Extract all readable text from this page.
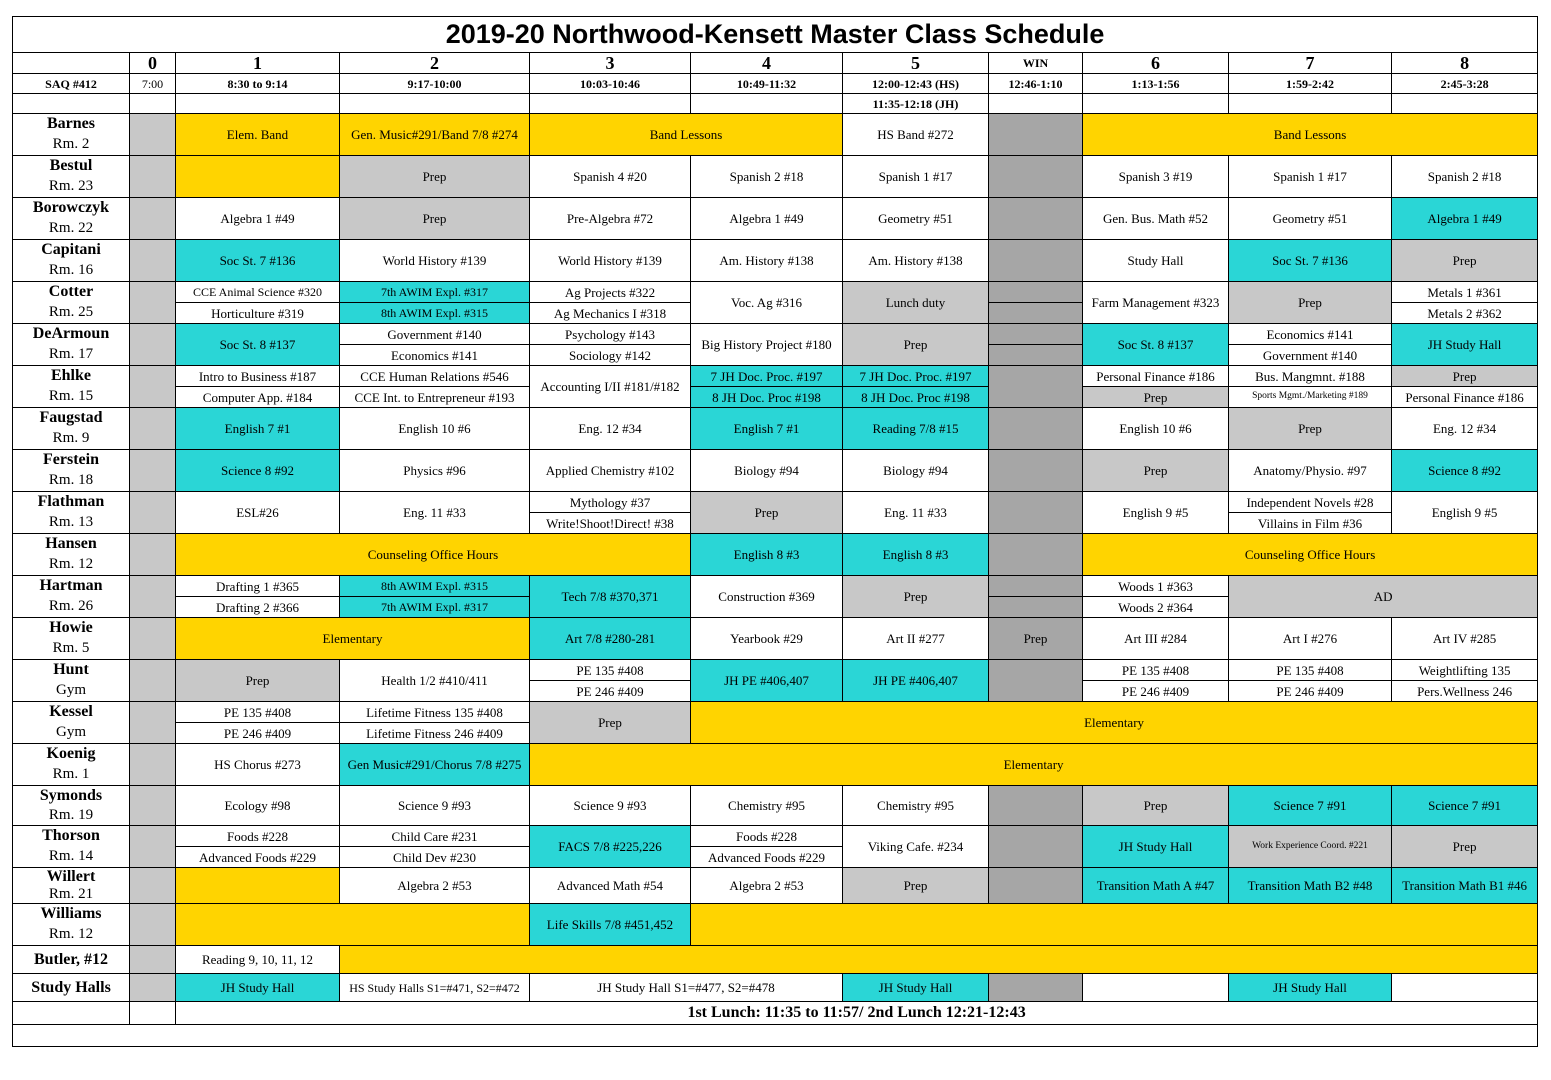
2019-20 Northwood-Kensett Master Class Schedule										
	0	1	2	3	4	5	WIN	6	7	8
SAQ #412	7:00	8:30 to 9:14	9:17-10:00	10:03-10:46	10:49-11:32	12:00-12:43 (HS)	12:46-1:10	1:13-1:56	1:59-2:42	2:45-3:28
						11:35-12:18 (JH)				
Barnes		Elem. Band	Gen. Music#291/Band 7/8 #274	Band Lessons		HS Band #272		Band Lessons		
Rm. 2										
Bestul			Prep	Spanish 4 #20	Spanish 2 #18	Spanish 1 #17		Spanish 3 #19	Spanish 1 #17	Spanish 2 #18
Rm. 23										
Borowczyk		Algebra 1 #49	Prep	Pre-Algebra #72	Algebra 1 #49	Geometry #51		Gen. Bus. Math #52	Geometry #51	Algebra 1 #49
Rm. 22										
Capitani		Soc St. 7 #136	World History #139	World History #139	Am. History #138	Am. History #138		Study Hall	Soc St. 7 #136	Prep
Rm. 16										
Cotter		CCE Animal Science #320	7th AWIM Expl. #317	Ag Projects #322	Voc. Ag #316	Lunch duty		Farm Management #323	Prep	Metals 1 #361
Rm. 25		Horticulture #319	8th AWIM Expl. #315	Ag Mechanics I #318						Metals 2 #362
DeArmoun		Soc St. 8 #137	Government #140	Psychology #143	Big History Project #180	Prep		Soc St. 8 #137	Economics #141	JH Study Hall
Rm. 17			Economics #141	Sociology #142					Government #140	
Ehlke		Intro to Business #187	CCE Human Relations #546	Accounting I/II #181/#182	7 JH Doc. Proc. #197	7 JH Doc. Proc. #197		Personal Finance #186	Bus. Mangmnt. #188	Prep
Rm. 15		Computer App. #184	CCE Int. to Entrepreneur #193		8 JH Doc. Proc #198	8 JH Doc. Proc #198		Prep	Sports Mgmt./Marketing #189	Personal Finance #186
Faugstad		English 7 #1	English 10 #6	Eng. 12 #34	English 7 #1	Reading 7/8 #15		English 10 #6	Prep	Eng. 12 #34
Rm. 9										
Ferstein		Science 8 #92	Physics #96	Applied Chemistry #102	Biology #94	Biology #94		Prep	Anatomy/Physio. #97	Science 8 #92
Rm. 18										
Flathman		ESL#26	Eng. 11 #33	Mythology #37	Prep	Eng. 11 #33		English 9 #5	Independent Novels #28	English 9 #5
Rm. 13				Write!Shoot!Direct! #38					Villains in Film #36	
Hansen		Counseling Office Hours			English 8 #3	English 8 #3		Counseling Office Hours		
Rm. 12										
Hartman		Drafting 1 #365	8th AWIM Expl. #315	Tech 7/8 #370,371	Construction #369	Prep		Woods 1 #363	AD	
Rm. 26		Drafting 2 #366	7th AWIM Expl. #317					Woods 2 #364		
Howie		Elementary		Art 7/8 #280-281	Yearbook #29	Art II #277	Prep	Art III #284	Art I #276	Art IV #285
Rm. 5										
Hunt		Prep	Health 1/2 #410/411	PE 135 #408	JH PE #406,407	JH PE #406,407		PE 135 #408	PE 135 #408	Weightlifting 135
Gym				PE 246 #409				PE 246 #409	PE 246 #409	Pers.Wellness 246
Kessel		PE 135 #408	Lifetime Fitness 135 #408	Prep	Elementary					
Gym		PE 246 #409	Lifetime Fitness 246 #409							
Koenig		HS Chorus #273	Gen Music#291/Chorus 7/8 #275	Elementary						
Rm. 1										
Symonds		Ecology #98	Science 9 #93	Science 9 #93	Chemistry #95	Chemistry #95		Prep	Science 7 #91	Science 7 #91
Rm. 19										
Thorson		Foods #228	Child Care #231	FACS 7/8 #225,226	Foods #228	Viking Cafe. #234		JH Study Hall	Work Experience Coord. #221	Prep
Rm. 14		Advanced Foods #229	Child Dev #230		Advanced Foods #229					
Willert			Algebra 2 #53	Advanced Math #54	Algebra 2 #53	Prep		Transition Math A #47	Transition Math B2 #48	Transition Math B1 #46
Rm. 21										
Williams				Life Skills 7/8 #451,452						
Rm. 12										
Butler, #12		Reading 9, 10, 11, 12								
Study Halls		JH Study Hall	HS Study Halls S1=#471, S2=#472	JH Study Hall S1=#477, S2=#478		JH Study Hall			JH Study Hall	
		1st Lunch: 11:35 to 11:57/ 2nd Lunch 12:21-12:43								
